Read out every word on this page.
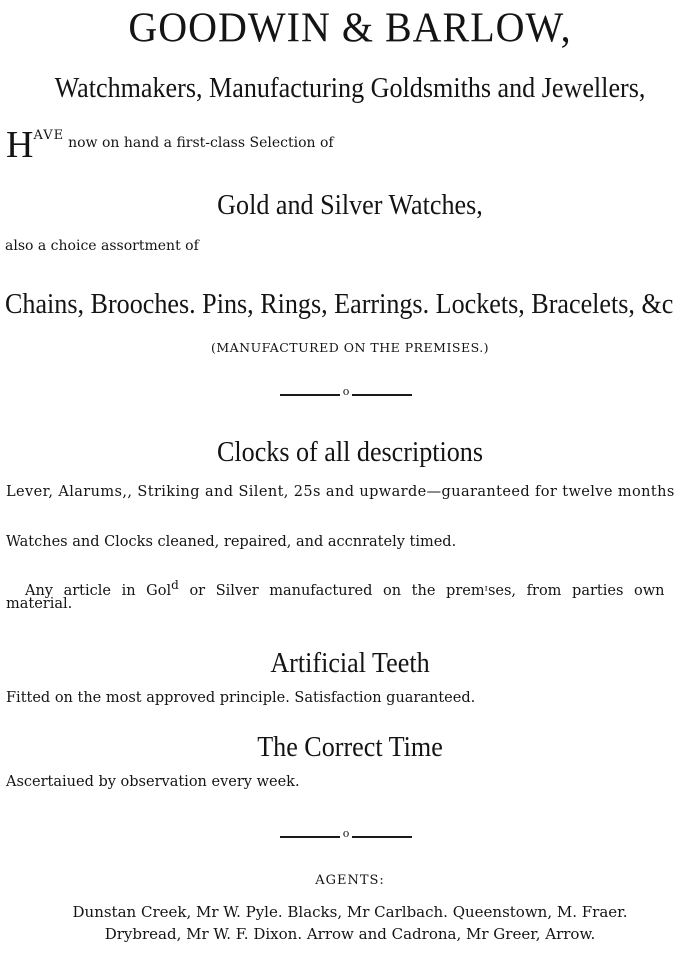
GOODWIN & BARLOW,
Watchmakers, Manufacturing Goldsmiths and Jewellers,
HAVE now on hand a first-class Selection of
Gold and Silver Watches,
also a choice assortment of
Chains, Brooches. Pins, Rings, Earrings. Lockets, Bracelets, &c
(MANUFACTURED ON THE PREMISES.)
o
Clocks of all descriptions
Lever, Alarums,, Striking and Silent, 25s and upwarde—guaranteed for twelve months
Watches and Clocks cleaned, repaired, and accnrately timed.
Any article in Gol$^d$ or Silver manufactured on the premᶦses, from parties own
material.
Artificial Teeth
Fitted on the most approved principle. Satisfaction guaranteed.
The Correct Time
Ascertaiued by observation every week.
o
AGENTS:
Dunstan Creek, Mr W. Pyle. Blacks, Mr Carlbach. Queenstown, M. Fraer.
Drybread, Mr W. F. Dixon. Arrow and Cadrona, Mr Greer, Arrow.
